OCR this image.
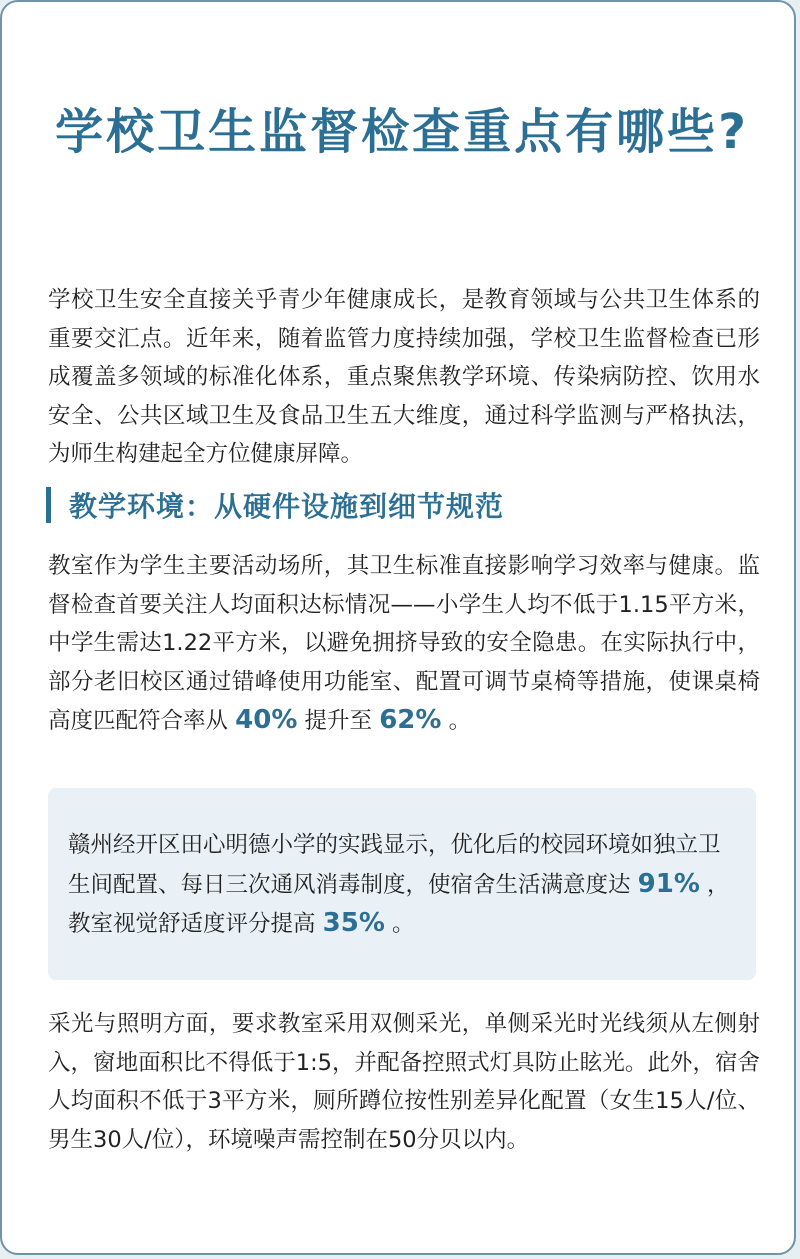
学校卫生监督检查重点有哪些?

学校卫生安全直接关乎青少年健康成长，是教育领域与公共卫生体系的重要交汇点。近年来，随着监管力度持续加强，学校卫生监督检查已形成覆盖多领域的标准化体系，重点聚焦教学环境、传染病防控、饮用水安全、公共区域卫生及食品卫生五大维度，通过科学监测与严格执法，为师生构建起全方位健康屏障。

教学环境：从硬件设施到细节规范

教室作为学生主要活动场所，其卫生标准直接影响学习效率与健康。监督检查首要关注人均面积达标情况——小学生人均不低于1.15平方米，中学生需达1.22平方米，以避免拥挤导致的安全隐患。在实际执行中，部分老旧校区通过错峰使用功能室、配置可调节桌椅等措施，使课桌椅高度匹配符合率从 40% 提升至 62% 。

赣州经开区田心明德小学的实践显示，优化后的校园环境如独立卫生间配置、每日三次通风消毒制度，使宿舍生活满意度达 91% ，教室视觉舒适度评分提高 35% 。

采光与照明方面，要求教室采用双侧采光，单侧采光时光线须从左侧射入，窗地面积比不得低于1:5，并配备控照式灯具防止眩光。此外，宿舍人均面积不低于3平方米，厕所蹲位按性别差异化配置（女生15人/位、男生30人/位），环境噪声需控制在50分贝以内。
